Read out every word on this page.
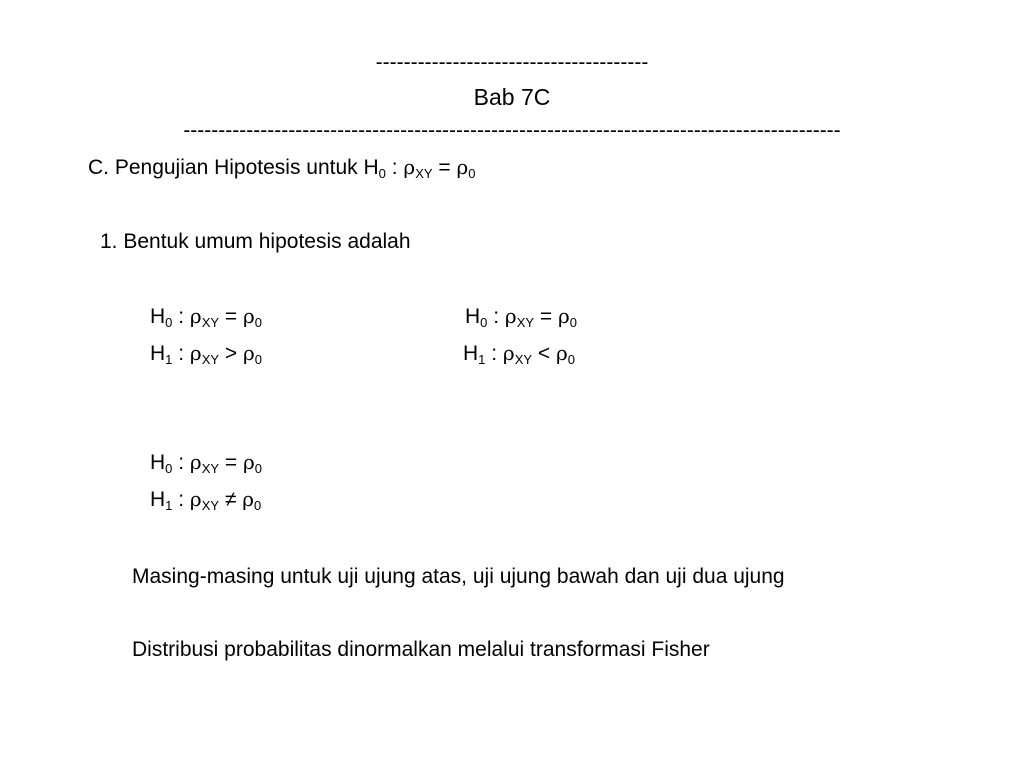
---------------------------------------
Bab 7C
----------------------------------------------------------------------------------------------
C. Pengujian Hipotesis untuk $H_0$ : $\rho_{XY} = \rho_0$
1. Bentuk umum hipotesis adalah
$H_0$ : $\rho_{XY} = \rho_0$
$H_1$ : $\rho_{XY} > \rho_0$
$H_0$ : $\rho_{XY} = \rho_0$
$H_1$ : $\rho_{XY} < \rho_0$
$H_0$ : $\rho_{XY} = \rho_0$
$H_1$ : $\rho_{XY} \ne \rho_0$
Masing-masing untuk uji ujung atas, uji ujung bawah dan uji dua ujung
Distribusi probabilitas dinormalkan melalui transformasi Fisher
